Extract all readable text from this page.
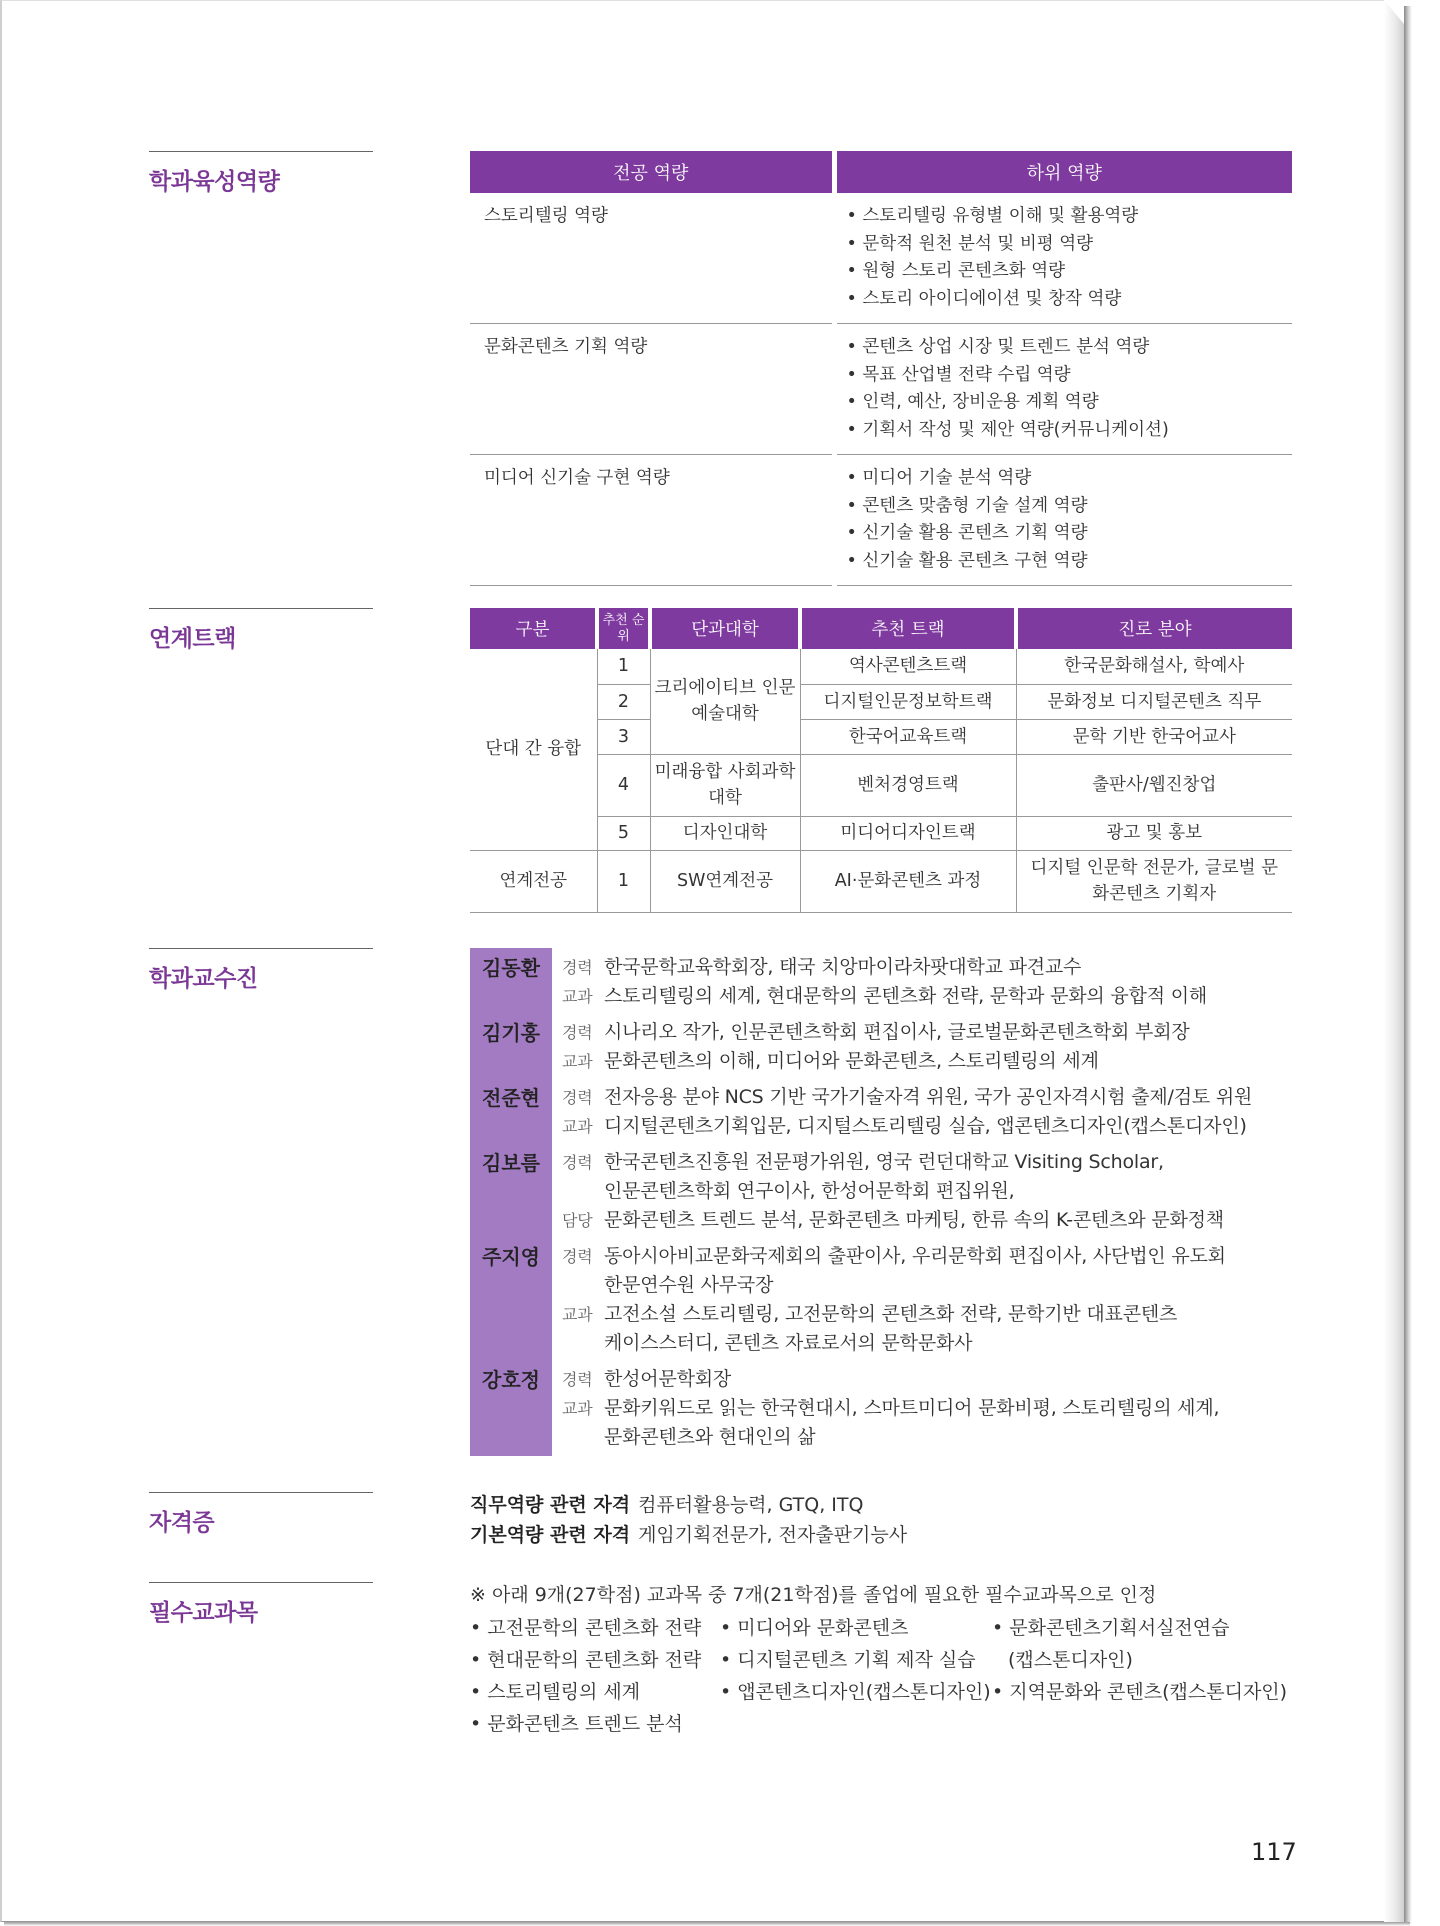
학과육성역량
연계트랙
학과교수진
자격증
필수교과목
전공 역량	하위 역량
스토리텔링 역량	• 스토리텔링 유형별 이해 및 활용역량
• 문학적 원천 분석 및 비평 역량
• 원형 스토리 콘텐츠화 역량
• 스토리 아이디에이션 및 창작 역량

문화콘텐츠 기획 역량	• 콘텐츠 상업 시장 및 트렌드 분석 역량
• 목표 산업별 전략 수립 역량
• 인력, 예산, 장비운용 계획 역량
• 기획서 작성 및 제안 역량(커뮤니케이션)

미디어 신기술 구현 역량	• 미디어 기술 분석 역량
• 콘텐츠 맞춤형 기술 설계 역량
• 신기술 활용 콘텐츠 기획 역량
• 신기술 활용 콘텐츠 구현 역량
구분	추천 순위	단과대학	추천 트랙	진로 분야
단대 간 융합	1	크리에이티브 인문예술대학	역사콘텐츠트랙	한국문화해설사, 학예사
	2		디지털인문정보학트랙	문화정보 디지털콘텐츠 직무
	3		한국어교육트랙	문학 기반 한국어교사
	4	미래융합 사회과학대학	벤처경영트랙	출판사/웹진창업
	5	디자인대학	미디어디자인트랙	광고 및 홍보
연계전공	1	SW연계전공	AI·문화콘텐츠 과정	디지털 인문학 전문가, 글로벌 문화콘텐츠 기획자
김동환	경력 한국문학교육학회장, 태국 치앙마이라차팟대학교 파견교수
교과 스토리텔링의 세계, 현대문학의 콘텐츠화 전략, 문학과 문화의 융합적 이해
김기홍	경력 시나리오 작가, 인문콘텐츠학회 편집이사, 글로벌문화콘텐츠학회 부회장
교과 문화콘텐츠의 이해, 미디어와 문화콘텐츠, 스토리텔링의 세계
전준현	경력 전자응용 분야 NCS 기반 국가기술자격 위원, 국가 공인자격시험 출제/검토 위원
교과 디지털콘텐츠기획입문, 디지털스토리텔링 실습, 앱콘텐츠디자인(캡스톤디자인)
김보름	경력 한국콘텐츠진흥원 전문평가위원, 영국 런던대학교 Visiting Scholar,
인문콘텐츠학회 연구이사, 한성어문학회 편집위원,
담당 문화콘텐츠 트렌드 분석, 문화콘텐츠 마케팅, 한류 속의 K-콘텐츠와 문화정책
주지영	경력 동아시아비교문화국제회의 출판이사, 우리문학회 편집이사, 사단법인 유도회
한문연수원 사무국장
교과 고전소설 스토리텔링, 고전문학의 콘텐츠화 전략, 문학기반 대표콘텐츠
케이스스터디, 콘텐츠 자료로서의 문학문화사
강호정	경력 한성어문학회장
교과 문화키워드로 읽는 한국현대시, 스마트미디어 문화비평, 스토리텔링의 세계,
문화콘텐츠와 현대인의 삶
직무역량 관련 자격 컴퓨터활용능력, GTQ, ITQ
기본역량 관련 자격 게임기획전문가, 전자출판기능사
※ 아래 9개(27학점) 교과목 중 7개(21학점)를 졸업에 필요한 필수교과목으로 인정
• 고전문학의 콘텐츠화 전략
• 현대문학의 콘텐츠화 전략
• 스토리텔링의 세계
• 문화콘텐츠 트렌드 분석
• 미디어와 문화콘텐츠
• 디지털콘텐츠 기획 제작 실습
• 앱콘텐츠디자인(캡스톤디자인)
• 문화콘텐츠기획서실전연습
(캡스톤디자인)
• 지역문화와 콘텐츠(캡스톤디자인)
117
